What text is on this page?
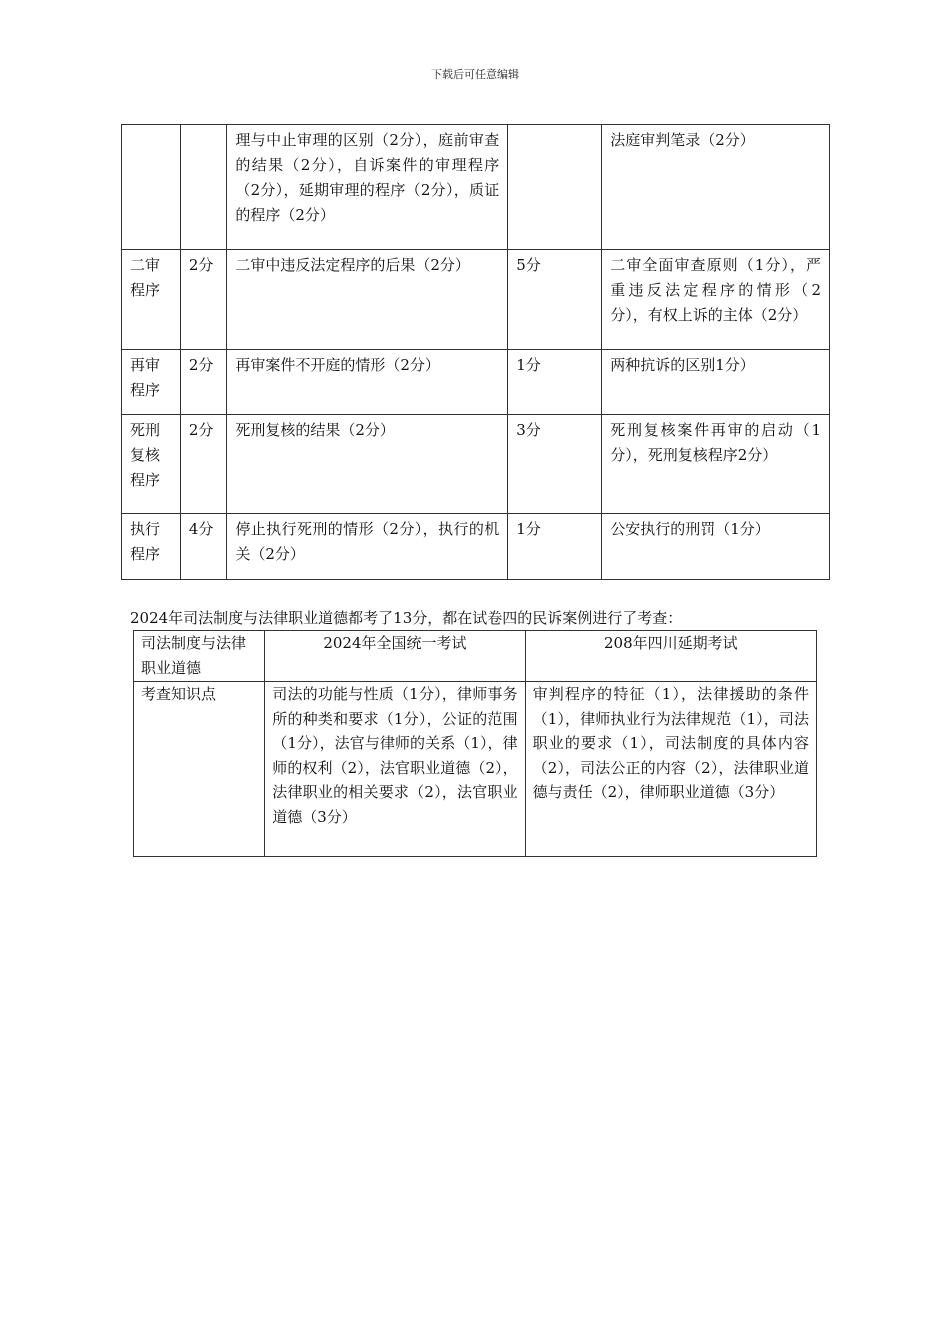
下载后可任意编辑
		理与中止审理的区别（2分），庭前审查的结果（2分），自诉案件的审理程序（2分），延期审理的程序（2分），质证的程序（2分）		法庭审判笔录（2分）
二审程序	2分	二审中违反法定程序的后果（2分）	5分	二审全面审查原则（1分），严重违反法定程序的情形（2分），有权上诉的主体（2分）
再审程序	2分	再审案件不开庭的情形（2分）	1分	两种抗诉的区别1分）
死刑复核程序	2分	死刑复核的结果（2分）	3分	死刑复核案件再审的启动（1分），死刑复核程序2分）
执行程序	4分	停止执行死刑的情形（2分），执行的机关（2分）	1分	公安执行的刑罚（1分）
2024年司法制度与法律职业道德都考了13分，都在试卷四的民诉案例进行了考查：
司法制度与法律职业道德	2024年全国统一考试	208年四川延期考试
考查知识点	司法的功能与性质（1分），律师事务所的种类和要求（1分），公证的范围（1分），法官与律师的关系（1），律师的权利（2），法官职业道德（2），法律职业的相关要求（2），法官职业道德（3分）	审判程序的特征（1），法律援助的条件（1），律师执业行为法律规范（1），司法职业的要求（1），司法制度的具体内容（2），司法公正的内容（2），法律职业道德与责任（2），律师职业道德（3分）
